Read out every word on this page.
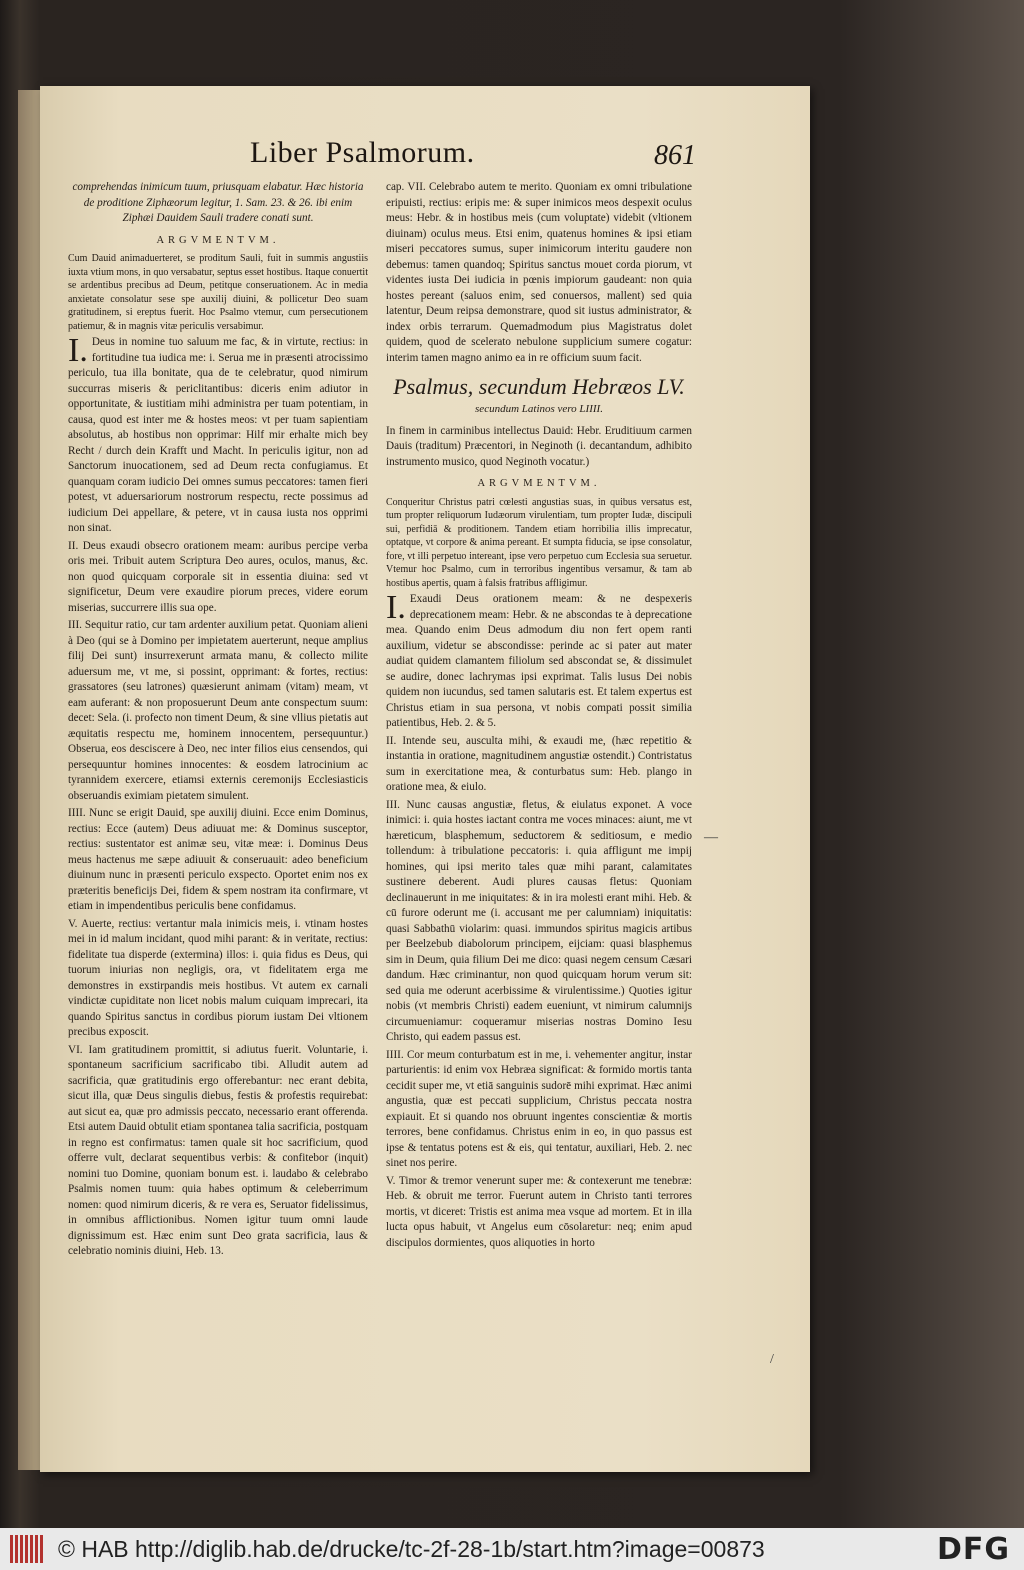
Liber Psalmorum.	861

comprehendas inimicum tuum, priusquam elabatur. Hæc historia de proditione Ziphæorum legitur, 1. Sam. 23. & 26. ibi enim Ziphæi Dauidem Sauli tradere conati sunt.

ARGVMENTVM.

Cum Dauid animaduerteret, se proditum Sauli, fuit in summis angustiis iuxta vtium mons, in quo versabatur, septus esset hostibus. Itaque conuertit se ardentibus precibus ad Deum, petitque conseruationem. Ac in media anxietate consolatur sese spe auxilij diuini, & pollicetur Deo suam gratitudinem, si ereptus fuerit. Hoc Psalmo vtemur, cum persecutionem patiemur, & in magnis vitæ periculis versabimur.

I. Deus in nomine tuo saluum me fac, & in virtute, rectius: in fortitudine tua iudica me: i. Serua me in præsenti atrocissimo periculo, tua illa bonitate, qua de te celebratur, quod nimirum succurras miseris & periclitantibus: diceris enim adiutor in opportunitate, & iustitiam mihi administra per tuam potentiam, in causa, quod est inter me & hostes meos: vt per tuam sapientiam absolutus, ab hostibus non opprimar: Hilf mir erhalte mich bey Recht / durch dein Krafft und Macht. In periculis igitur, non ad Sanctorum inuocationem, sed ad Deum recta confugiamus. Et quanquam coram iudicio Dei omnes sumus peccatores: tamen fieri potest, vt aduersariorum nostrorum respectu, recte possimus ad iudicium Dei appellare, & petere, vt in causa iusta nos opprimi non sinat.

II. Deus exaudi obsecro orationem meam: auribus percipe verba oris mei. Tribuit autem Scriptura Deo aures, oculos, manus, &c. non quod quicquam corporale sit in essentia diuina: sed vt significetur, Deum vere exaudire piorum preces, videre eorum miserias, succurrere illis sua ope.

III. Sequitur ratio, cur tam ardenter auxilium petat. Quoniam alieni à Deo (qui se à Domino per impietatem auerterunt, neque amplius filij Dei sunt) insurrexerunt armata manu, & collecto milite aduersum me, vt me, si possint, opprimant: & fortes, rectius: grassatores (seu latrones) quæsierunt animam (vitam) meam, vt eam auferant: & non proposuerunt Deum ante conspectum suum: decet: Sela. (i. profecto non timent Deum, & sine vllius pietatis aut æquitatis respectu me, hominem innocentem, persequuntur.) Obserua, eos desciscere à Deo, nec inter filios eius censendos, qui persequuntur homines innocentes: & eosdem latrocinium ac tyrannidem exercere, etiamsi externis ceremonijs Ecclesiasticis obseruandis eximiam pietatem simulent.

IIII. Nunc se erigit Dauid, spe auxilij diuini. Ecce enim Dominus, rectius: Ecce (autem) Deus adiuuat me: & Dominus susceptor, rectius: sustentator est animæ seu, vitæ meæ: i. Dominus Deus meus hactenus me sæpe adiuuit & conseruauit: adeo beneficium diuinum nunc in præsenti periculo exspecto. Oportet enim nos ex præteritis beneficijs Dei, fidem & spem nostram ita confirmare, vt etiam in impendentibus periculis bene confidamus.

V. Auerte, rectius: vertantur mala inimicis meis, i. vtinam hostes mei in id malum incidant, quod mihi parant: & in veritate, rectius: fidelitate tua disperde (extermina) illos: i. quia fidus es Deus, qui tuorum iniurias non negligis, ora, vt fidelitatem erga me demonstres in exstirpandis meis hostibus. Vt autem ex carnali vindictæ cupiditate non licet nobis malum cuiquam imprecari, ita quando Spiritus sanctus in cordibus piorum iustam Dei vltionem precibus exposcit.

VI. Iam gratitudinem promittit, si adiutus fuerit. Voluntarie, i. spontaneum sacrificium sacrificabo tibi. Alludit autem ad sacrificia, quæ gratitudinis ergo offerebantur: nec erant debita, sicut illa, quæ Deus singulis diebus, festis & profestis requirebat: aut sicut ea, quæ pro admissis peccato, necessario erant offerenda. Etsi autem Dauid obtulit etiam spontanea talia sacrificia, postquam in regno est confirmatus: tamen quale sit hoc sacrificium, quod offerre vult, declarat sequentibus verbis: & confitebor (inquit) nomini tuo Domine, quoniam bonum est. i. laudabo & celebrabo Psalmis nomen tuum: quia habes optimum & celeberrimum nomen: quod nimirum diceris, & re vera es, Seruator fidelissimus, in omnibus afflictionibus. Nomen igitur tuum omni laude dignissimum est. Hæc enim sunt Deo grata sacrificia, laus & celebratio nominis diuini, Heb. 13.

cap. VII. Celebrabo autem te merito. Quoniam ex omni tribulatione eripuisti, rectius: eripis me: & super inimicos meos despexit oculus meus: Hebr. & in hostibus meis (cum voluptate) videbit (vltionem diuinam) oculus meus. Etsi enim, quatenus homines & ipsi etiam miseri peccatores sumus, super inimicorum interitu gaudere non debemus: tamen quandoq; Spiritus sanctus mouet corda piorum, vt videntes iusta Dei iudicia in pœnis impiorum gaudeant: non quia hostes pereant (saluos enim, sed conuersos, mallent) sed quia latentur, Deum reipsa demonstrare, quod sit iustus administrator, & index orbis terrarum. Quemadmodum pius Magistratus dolet quidem, quod de scelerato nebulone supplicium sumere cogatur: interim tamen magno animo ea in re officium suum facit.

Psalmus, secundum Hebræos LV.
secundum Latinos vero LIIII.

In finem in carminibus intellectus Dauid: Hebr. Eruditiuum carmen Dauis (traditum) Præcentori, in Neginoth (i. decantandum, adhibito instrumento musico, quod Neginoth vocatur.)

ARGVMENTVM.

Conqueritur Christus patri cœlesti angustias suas, in quibus versatus est, tum propter reliquorum Iudæorum virulentiam, tum propter Iudæ, discipuli sui, perfidiā & proditionem. Tandem etiam horribilia illis imprecatur, optatque, vt corpore & anima pereant. Et sumpta fiducia, se ipse consolatur, fore, vt illi perpetuo intereant, ipse vero perpetuo cum Ecclesia sua seruetur. Vtemur hoc Psalmo, cum in terroribus ingentibus versamur, & tam ab hostibus apertis, quam à falsis fratribus affligimur.

I. Exaudi Deus orationem meam: & ne despexeris deprecationem meam: Hebr. & ne abscondas te à deprecatione mea. Quando enim Deus admodum diu non fert opem ranti auxilium, videtur se abscondisse: perinde ac si pater aut mater audiat quidem clamantem filiolum sed abscondat se, & dissimulet se audire, donec lachrymas ipsi exprimat. Talis lusus Dei nobis quidem non iucundus, sed tamen salutaris est. Et talem expertus est Christus etiam in sua persona, vt nobis compati possit similia patientibus, Heb. 2. & 5.

II. Intende seu, ausculta mihi, & exaudi me, (hæc repetitio & instantia in oratione, magnitudinem angustiæ ostendit.) Contristatus sum in exercitatione mea, & conturbatus sum: Heb. plango in oratione mea, & eiulo.

III. Nunc causas angustiæ, fletus, & eiulatus exponet. A voce inimici: i. quia hostes iactant contra me voces minaces: aiunt, me vt hæreticum, blasphemum, seductorem & seditiosum, e medio tollendum: à tribulatione peccatoris: i. quia affligunt me impij homines, qui ipsi merito tales quæ mihi parant, calamitates sustinere deberent. Audi plures causas fletus: Quoniam declinauerunt in me iniquitates: & in ira molesti erant mihi. Heb. & cū furore oderunt me (i. accusant me per calumniam) iniquitatis: quasi Sabbathū violarim: quasi. immundos spiritus magicis artibus per Beelzebub diabolorum principem, eijciam: quasi blasphemus sim in Deum, quia filium Dei me dico: quasi negem censum Cæsari dandum. Hæc criminantur, non quod quicquam horum verum sit: sed quia me oderunt acerbissime & virulentissime.) Quoties igitur nobis (vt membris Christi) eadem eueniunt, vt nimirum calumnijs circumueniamur: coqueramur miserias nostras Domino Iesu Christo, qui eadem passus est.

IIII. Cor meum conturbatum est in me, i. vehementer angitur, instar parturientis: id enim vox Hebræa significat: & formido mortis tanta cecidit super me, vt etiā sanguinis sudorē mihi exprimat. Hæc animi angustia, quæ est peccati supplicium, Christus peccata nostra expiauit. Et si quando nos obruunt ingentes conscientiæ & mortis terrores, bene confidamus. Christus enim in eo, in quo passus est ipse & tentatus potens est & eis, qui tentatur, auxiliari, Heb. 2. nec sinet nos perire.

V. Timor & tremor venerunt super me: & contexerunt me tenebræ: Heb. & obruit me terror. Fuerunt autem in Christo tanti terrores mortis, vt diceret: Tristis est anima mea vsque ad mortem. Et in illa lucta opus habuit, vt Angelus eum cōsolaretur: neq; enim apud discipulos dormientes, quos aliquoties in horto

—
/
© HAB http://diglib.hab.de/drucke/tc-2f-28-1b/start.htm?image=00873	DFG
